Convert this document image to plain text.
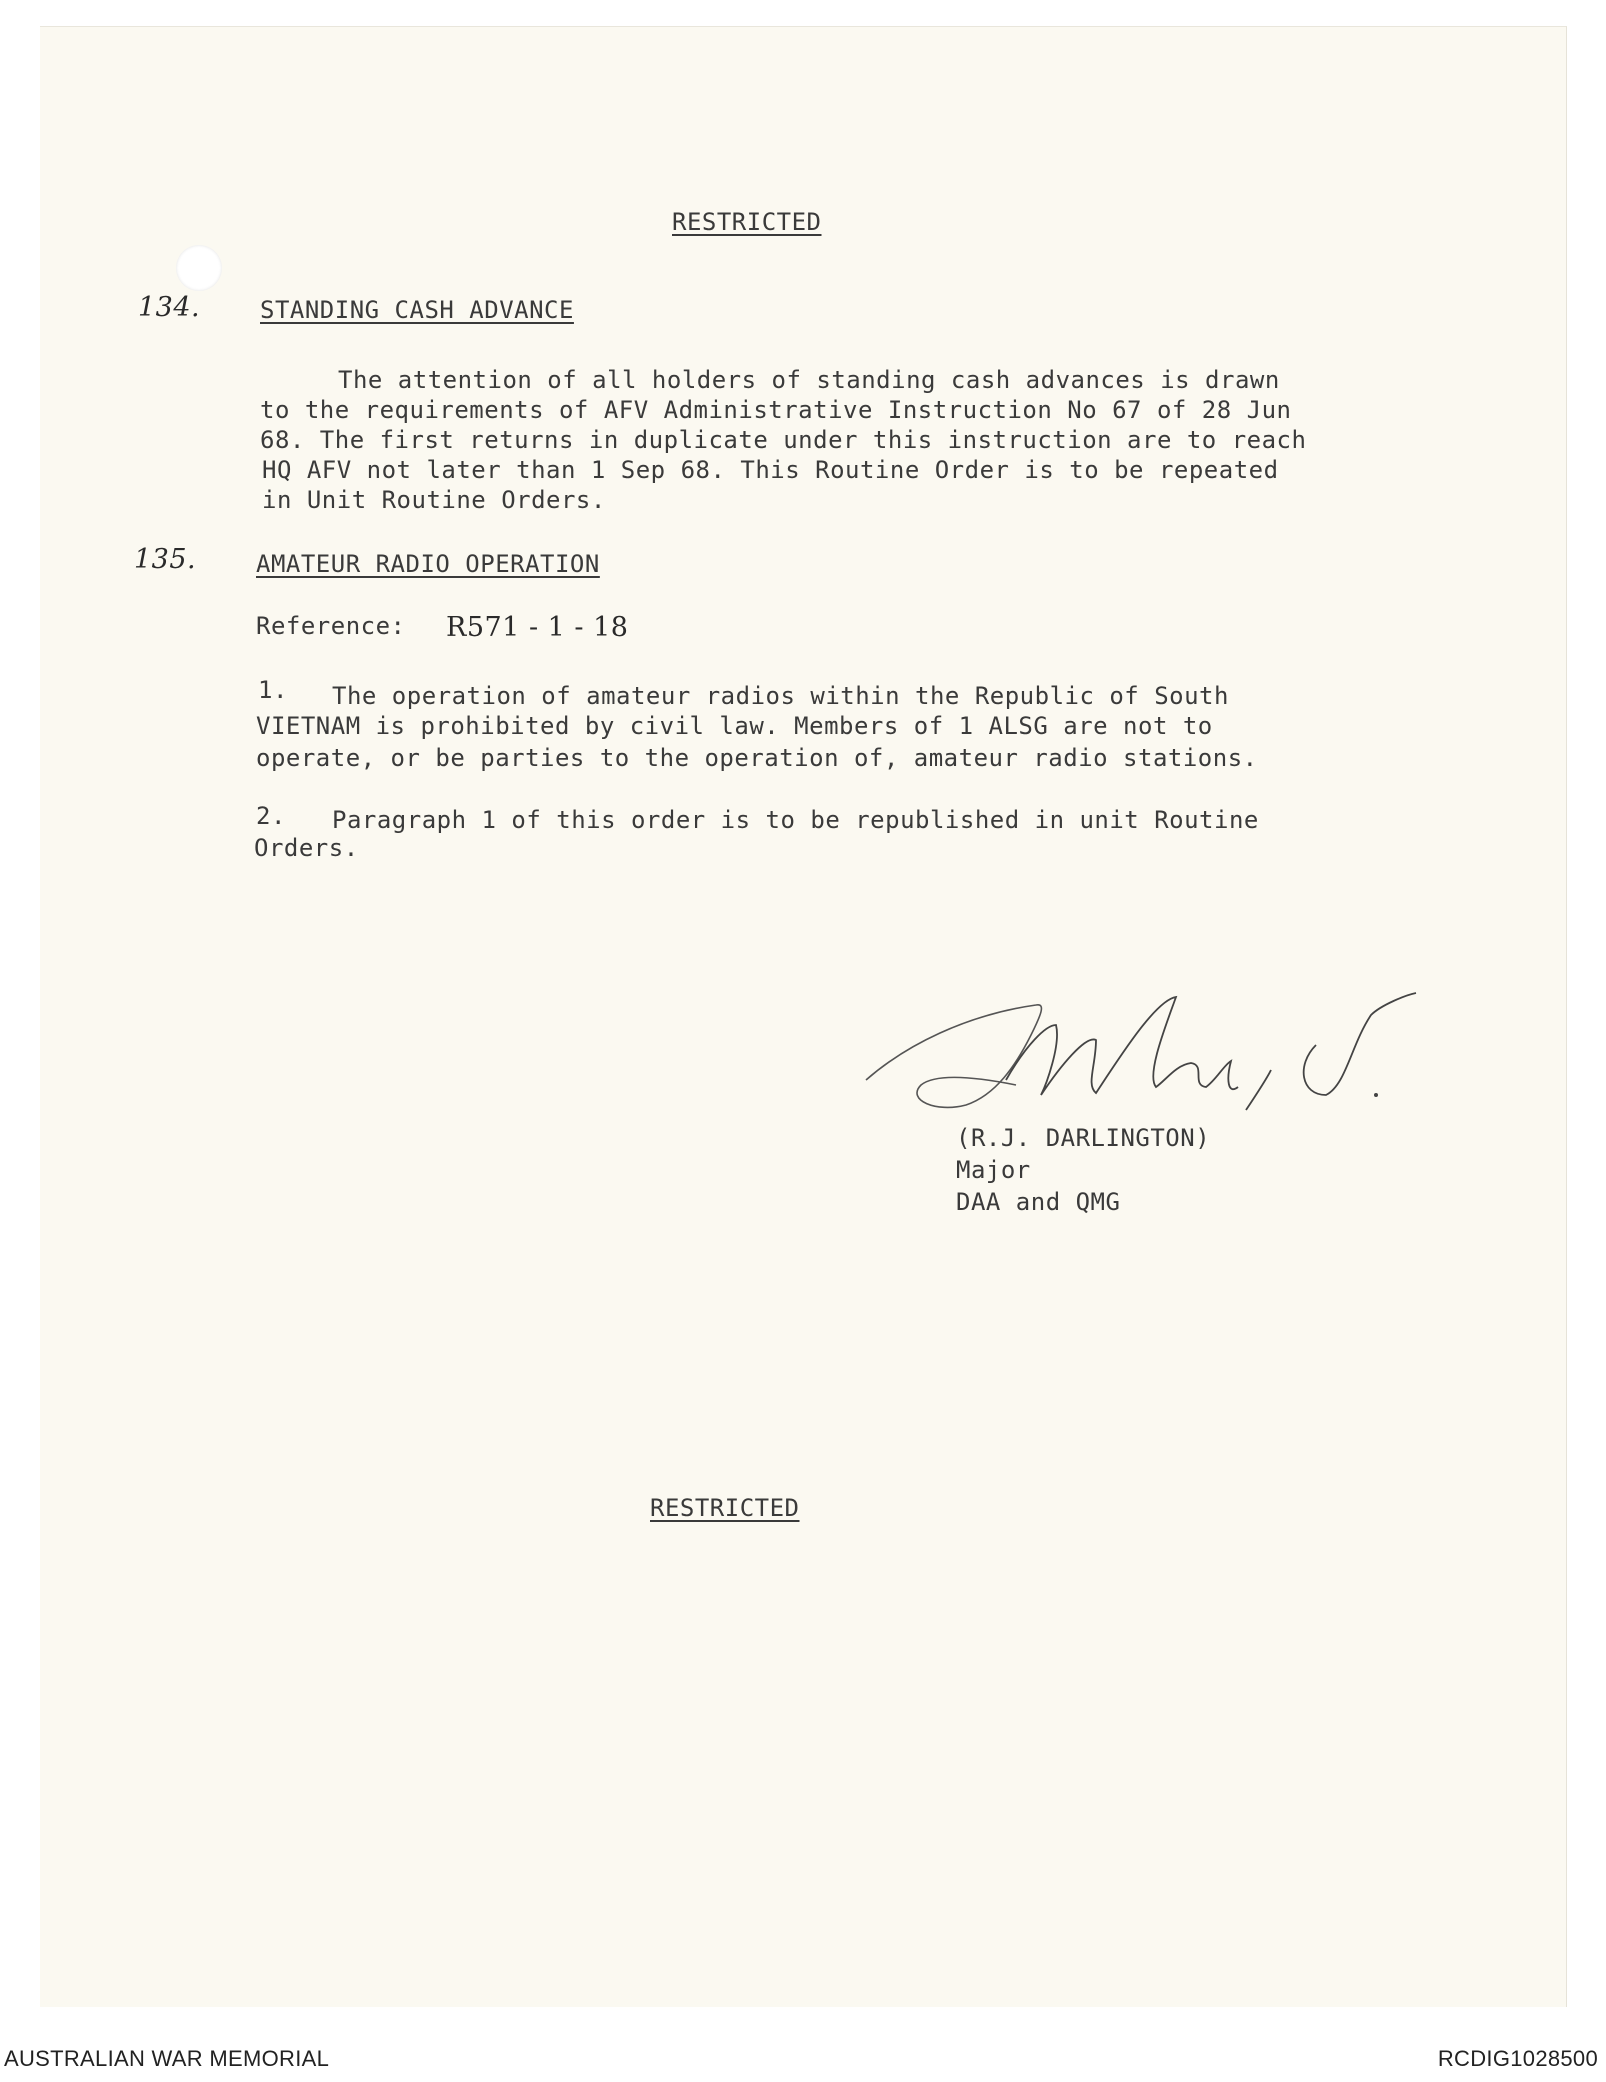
RESTRICTED
134. STANDING CASH ADVANCE
The attention of all holders of standing cash advances is drawn
to the requirements of AFV Administrative Instruction No 67 of 28 Jun
68. The first returns in duplicate under this instruction are to reach
HQ AFV not later than 1 Sep 68. This Routine Order is to be repeated
in Unit Routine Orders.
135. AMATEUR RADIO OPERATION
Reference: R571 - 1 - 18
1. The operation of amateur radios within the Republic of South
VIETNAM is prohibited by civil law. Members of 1 ALSG are not to
operate, or be parties to the operation of, amateur radio stations.
2. Paragraph 1 of this order is to be republished in unit Routine
Orders.
(R.J. DARLINGTON)
Major
DAA and QMG
RESTRICTED
AUSTRALIAN WAR MEMORIAL	RCDIG1028500
